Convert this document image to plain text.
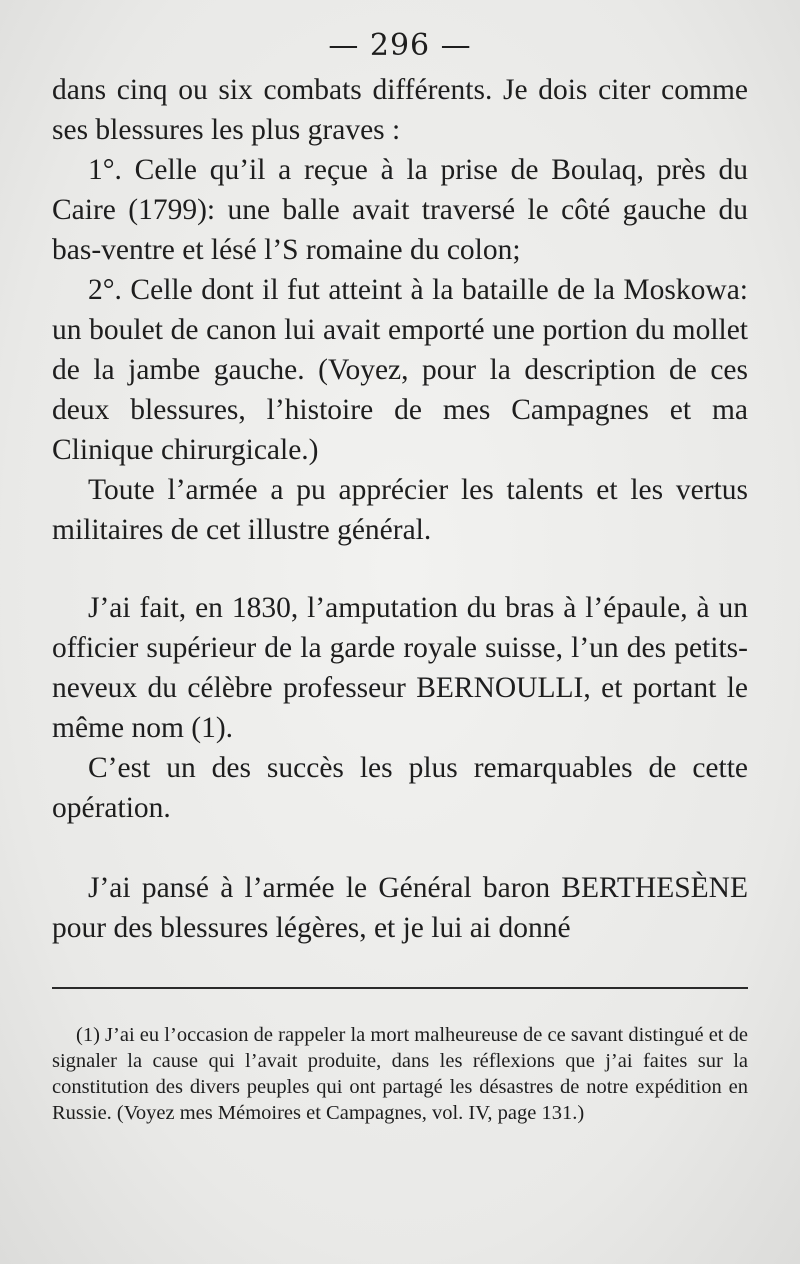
— 296 —

dans cinq ou six combats différents. Je dois citer comme ses blessures les plus graves :

1°. Celle qu’il a reçue à la prise de Boulaq, près du Caire (1799): une balle avait traversé le côté gauche du bas-ventre et lésé l’S romaine du colon;

2°. Celle dont il fut atteint à la bataille de la Moskowa: un boulet de canon lui avait emporté une portion du mollet de la jambe gauche. (Voyez, pour la description de ces deux blessures, l’histoire de mes Campagnes et ma Clinique chirurgicale.)

Toute l’armée a pu apprécier les talents et les vertus militaires de cet illustre général.

J’ai fait, en 1830, l’amputation du bras à l’épaule, à un officier supérieur de la garde royale suisse, l’un des petits-neveux du célèbre professeur BERNOULLI, et portant le même nom (1).

C’est un des succès les plus remarquables de cette opération.

J’ai pansé à l’armée le Général baron BERTHESÈNE pour des blessures légères, et je lui ai donné

(1) J’ai eu l’occasion de rappeler la mort malheureuse de ce savant distingué et de signaler la cause qui l’avait produite, dans les réflexions que j’ai faites sur la constitution des divers peuples qui ont partagé les désastres de notre expédition en Russie. (Voyez mes Mémoires et Campagnes, vol. IV, page 131.)
